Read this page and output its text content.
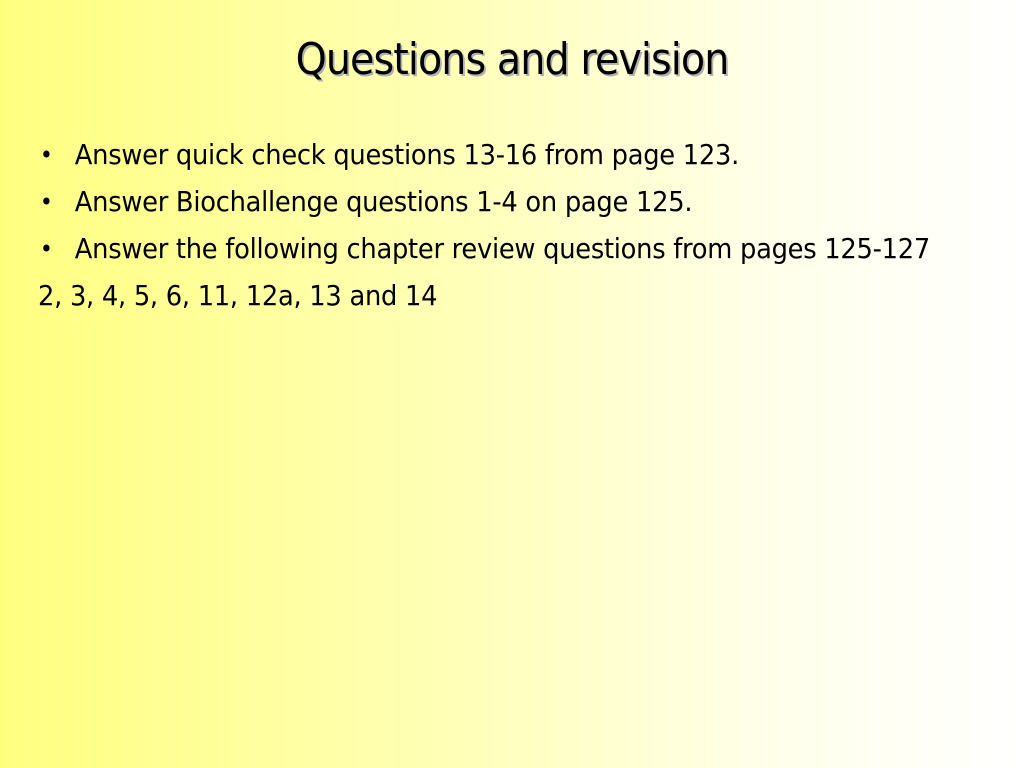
Questions and revision
• Answer quick check questions 13-16 from page 123.
• Answer Biochallenge questions 1-4 on page 125.
• Answer the following chapter review questions from pages 125-127
2, 3, 4, 5, 6, 11, 12a, 13 and 14
